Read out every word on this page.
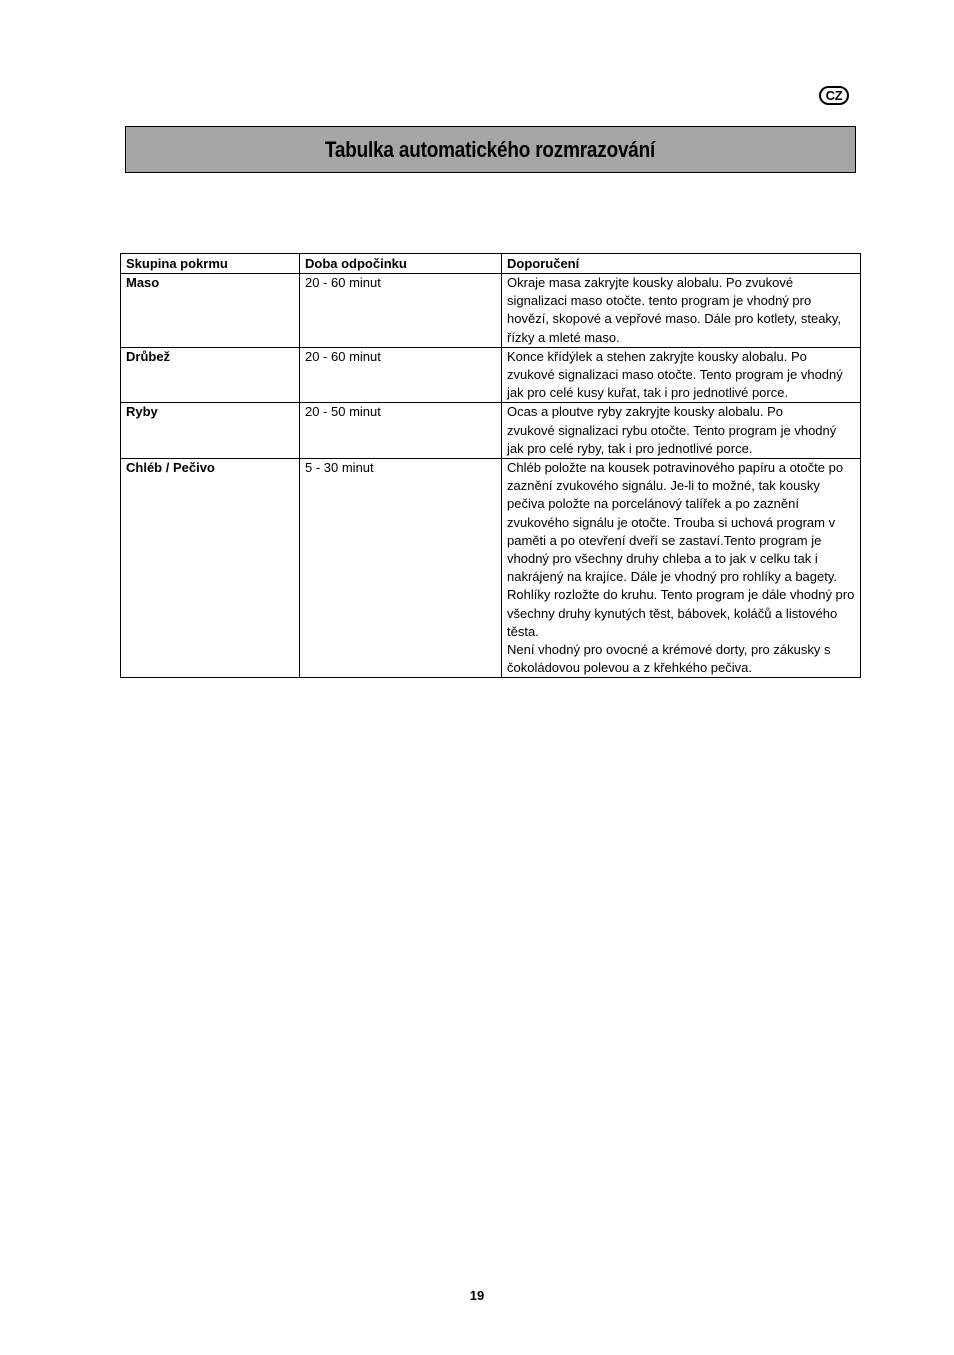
CZ
Tabulka automatického rozmrazování
Skupina pokrmu	Doba odpočinku	Doporučení
Maso	20 - 60 minut	Okraje masa zakryjte kousky alobalu. Po zvukové
signalizaci maso otočte. tento program je vhodný pro
hovězí, skopové a vepřové maso. Dále pro kotlety, steaky,
řízky a mleté maso.
Drůbež	20 - 60 minut	Konce křídýlek a stehen zakryjte kousky alobalu. Po
zvukové signalizaci maso otočte. Tento program je vhodný
jak pro celé kusy kuřat, tak i pro jednotlivé porce.
Ryby	20 - 50 minut	Ocas a ploutve ryby zakryjte kousky alobalu. Po
zvukové signalizaci rybu otočte. Tento program je vhodný
jak pro celé ryby, tak i pro jednotlivé porce.
Chléb / Pečivo	5 - 30 minut	Chléb položte na kousek potravinového papíru a otočte po zaznění zvukového signálu. Je-li to možné, tak kousky pečiva položte na porcelánový talířek a po zaznění zvukového signálu je otočte. Trouba si uchová program v paměti a po otevření dveří se zastaví.Tento program je vhodný pro všechny druhy chleba a to jak v celku tak i nakrájený na krajíce. Dále je vhodný pro rohlíky a bagety. Rohlíky rozložte do kruhu. Tento program je dále vhodný pro všechny druhy kynutých těst, bábovek, koláčů a listového těsta.
Není vhodný pro ovocné a krémové dorty, pro zákusky s čokoládovou polevou a z křehkého pečiva.
19
